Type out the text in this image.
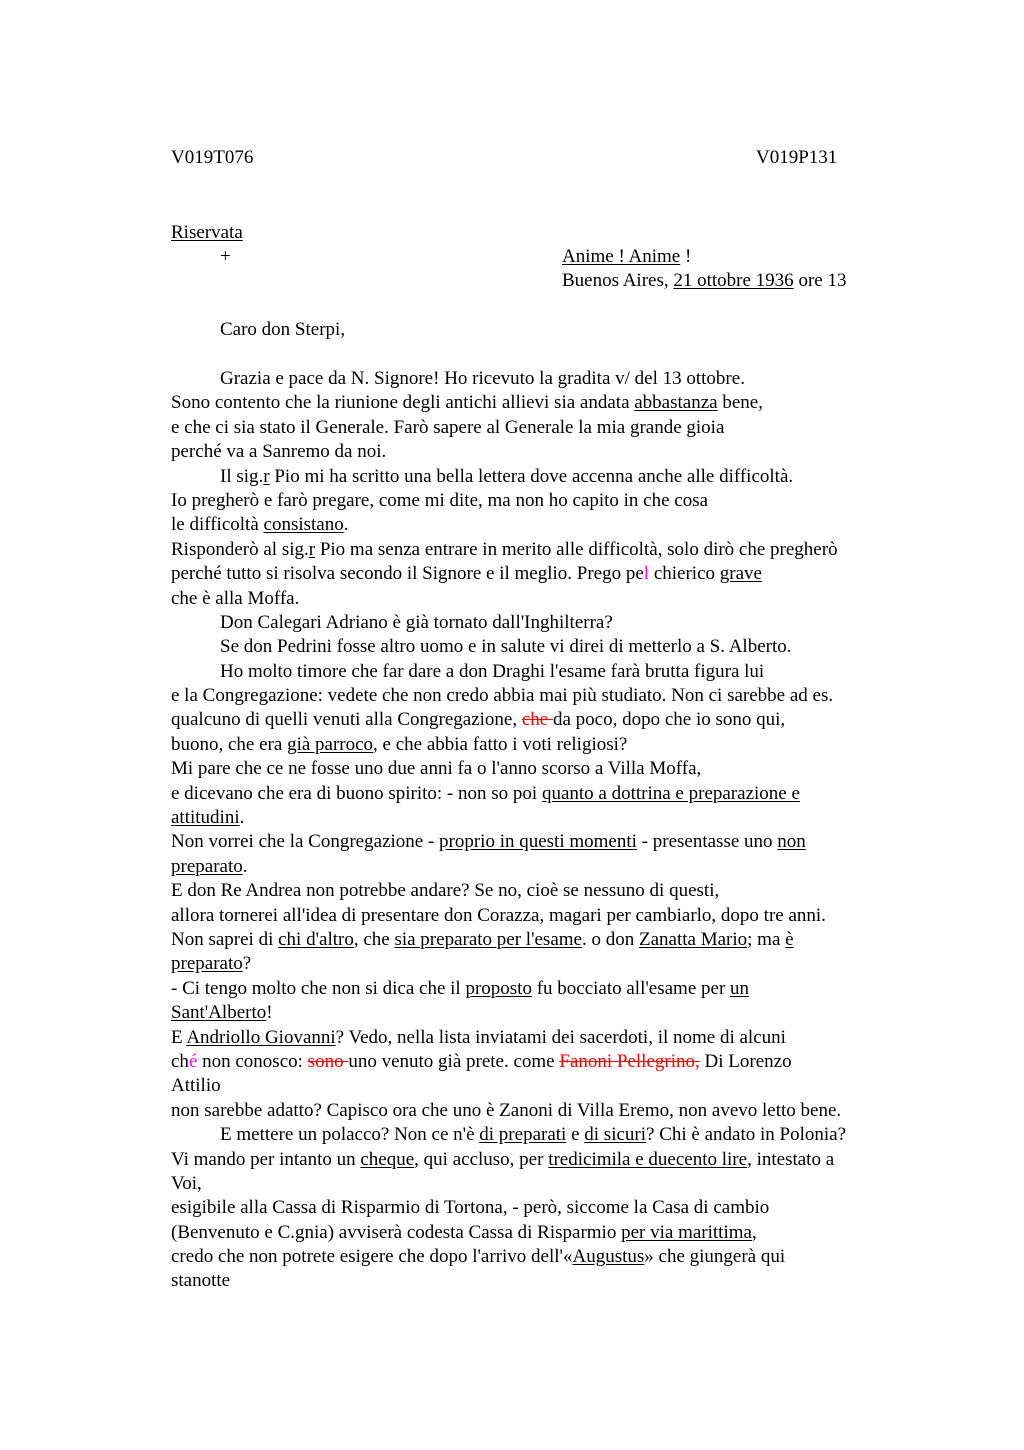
V019T076	V019P131
Riservata
+	Anime ! Anime !
Buenos Aires, 21 ottobre 1936 ore 13
Caro don Sterpi,
Grazia e pace da N. Signore! Ho ricevuto la gradita v/ del 13 ottobre.
Sono contento che la riunione degli antichi allievi sia andata abbastanza bene,
e che ci sia stato il Generale. Farò sapere al Generale la mia grande gioia
perché va a Sanremo da noi.
Il sig.r Pio mi ha scritto una bella lettera dove accenna anche alle difficoltà.
Io pregherò e farò pregare, come mi dite, ma non ho capito in che cosa
le difficoltà consistano.
Risponderò al sig.r Pio ma senza entrare in merito alle difficoltà, solo dirò che pregherò
perché tutto si risolva secondo il Signore e il meglio. Prego pel chierico grave
che è alla Moffa.
Don Calegari Adriano è già tornato dall'Inghilterra?
Se don Pedrini fosse altro uomo e in salute vi direi di metterlo a S. Alberto.
Ho molto timore che far dare a don Draghi l'esame farà brutta figura lui
e la Congregazione: vedete che non credo abbia mai più studiato. Non ci sarebbe ad es.
qualcuno di quelli venuti alla Congregazione, che da poco, dopo che io sono qui,
buono, che era già parroco, e che abbia fatto i voti religiosi?
Mi pare che ce ne fosse uno due anni fa o l'anno scorso a Villa Moffa,
e dicevano che era di buono spirito: - non so poi quanto a dottrina e preparazione e
attitudini.
Non vorrei che la Congregazione - proprio in questi momenti - presentasse uno non
preparato.
E don Re Andrea non potrebbe andare? Se no, cioè se nessuno di questi,
allora tornerei all'idea di presentare don Corazza, magari per cambiarlo, dopo tre anni.
Non saprei di chi d'altro, che sia preparato per l'esame. o don Zanatta Mario; ma è
preparato?
- Ci tengo molto che non si dica che il proposto fu bocciato all'esame per un
Sant'Alberto!
E Andriollo Giovanni? Vedo, nella lista inviatami dei sacerdoti, il nome di alcuni
ché non conosco: sono uno venuto già prete. come Fanoni Pellegrino, Di Lorenzo
Attilio
non sarebbe adatto? Capisco ora che uno è Zanoni di Villa Eremo, non avevo letto bene.
E mettere un polacco? Non ce n'è di preparati e di sicuri? Chi è andato in Polonia?
Vi mando per intanto un cheque, qui accluso, per tredicimila e duecento lire, intestato a
Voi,
esigibile alla Cassa di Risparmio di Tortona, - però, siccome la Casa di cambio
(Benvenuto e C.gnia) avviserà codesta Cassa di Risparmio per via marittima,
credo che non potrete esigere che dopo l'arrivo dell'«Augustus» che giungerà qui
stanotte
